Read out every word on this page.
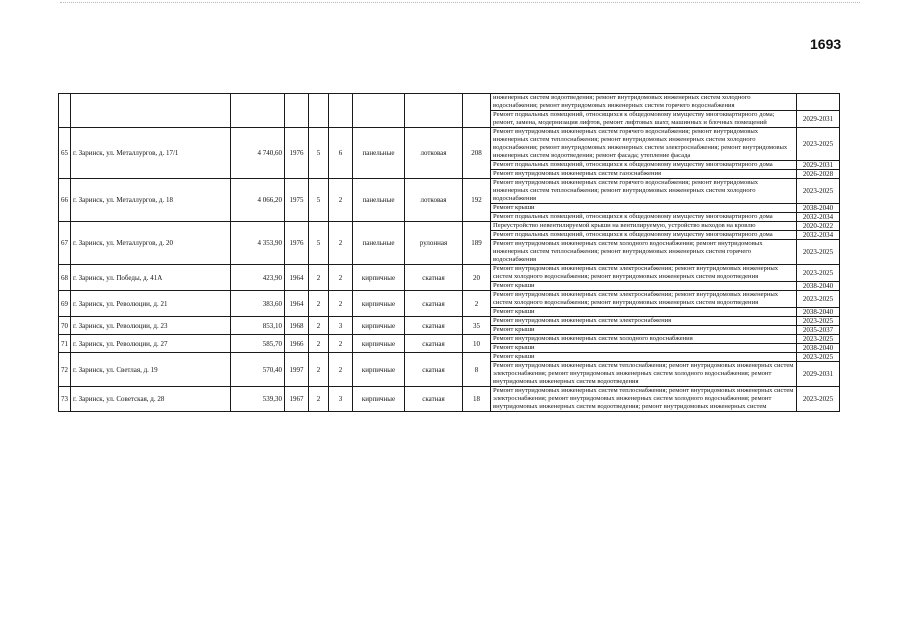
1693
									инженерных систем водоотведения; ремонт внутридомовых инженерных систем холодного водоснабжения; ремонт внутридомовых инженерных систем горячего водоснабжения	
									Ремонт подвальных помещений, относящихся к общедомовому имуществу многоквартирного дома; ремонт, замена, модернизация лифтов, ремонт лифтовых шахт, машинных и блочных помещений	2029-2031
65	г. Заринск, ул. Металлургов, д. 17/1	4 740,60	1976	5	6	панельные	лотковая	208	Ремонт внутридомовых инженерных систем горячего водоснабжения; ремонт внутридомовых инженерных систем теплоснабжения; ремонт внутридомовых инженерных систем холодного водоснабжения; ремонт внутридомовых инженерных систем электроснабжения; ремонт внутридомовых инженерных систем водоотведения; ремонт фасада; утепление фасада	2023-2025
									Ремонт подвальных помещений, относящихся к общедомовому имуществу многоквартирного дома	2029-2031
									Ремонт внутридомовых инженерных систем газоснабжения	2026-2028
66	г. Заринск, ул. Металлургов, д. 18	4 066,20	1975	5	2	панельные	лотковая	192	Ремонт внутридомовых инженерных систем горячего водоснабжения; ремонт внутридомовых инженерных систем теплоснабжения; ремонт внутридомовых инженерных систем холодного водоснабжения	2023-2025
									Ремонт крыши	2038-2040
									Ремонт подвальных помещений, относящихся к общедомовому имуществу многоквартирного дома	2032-2034
67	г. Заринск, ул. Металлургов, д. 20	4 353,90	1976	5	2	панельные	рулонная	189	Переустройство невентилируемой крыши на вентилируемую, устройство выходов на кровлю	2020-2022
									Ремонт подвальных помещений, относящихся к общедомовому имуществу многоквартирного дома	2032-2034
									Ремонт внутридомовых инженерных систем холодного водоснабжения; ремонт внутридомовых инженерных систем теплоснабжения; ремонт внутридомовых инженерных систем горячего водоснабжения	2023-2025
68	г. Заринск, ул. Победы, д. 41А	423,90	1964	2	2	кирпичные	скатная	20	Ремонт внутридомовых инженерных систем электроснабжения; ремонт внутридомовых инженерных систем холодного водоснабжения; ремонт внутридомовых инженерных систем водоотведения	2023-2025
									Ремонт крыши	2038-2040
69	г. Заринск, ул. Революции, д. 21	383,60	1964	2	2	кирпичные	скатная	2	Ремонт внутридомовых инженерных систем электроснабжения; ремонт внутридомовых инженерных систем холодного водоснабжения; ремонт внутридомовых инженерных систем водоотведения	2023-2025
									Ремонт крыши	2038-2040
70	г. Заринск, ул. Революции, д. 23	853,10	1968	2	3	кирпичные	скатная	35	Ремонт внутридомовых инженерных систем электроснабжения	2023-2025
									Ремонт крыши	2035-2037
71	г. Заринск, ул. Революции, д. 27	585,70	1966	2	2	кирпичные	скатная	10	Ремонт внутридомовых инженерных систем холодного водоснабжения	2023-2025
									Ремонт крыши	2038-2040
72	г. Заринск, ул. Светлая, д. 19	570,40	1997	2	2	кирпичные	скатная	8	Ремонт крыши	2023-2025
									Ремонт внутридомовых инженерных систем теплоснабжения; ремонт внутридомовых инженерных систем электроснабжения; ремонт внутридомовых инженерных систем холодного водоснабжения; ремонт внутридомовых инженерных систем водоотведения	2029-2031
73	г. Заринск, ул. Советская, д. 28	539,30	1967	2	3	кирпичные	скатная	18	Ремонт внутридомовых инженерных систем теплоснабжения; ремонт внутридомовых инженерных систем электроснабжения; ремонт внутридомовых инженерных систем холодного водоснабжения; ремонт внутридомовых инженерных систем водоотведения; ремонт внутридомовых инженерных систем	2023-2025
